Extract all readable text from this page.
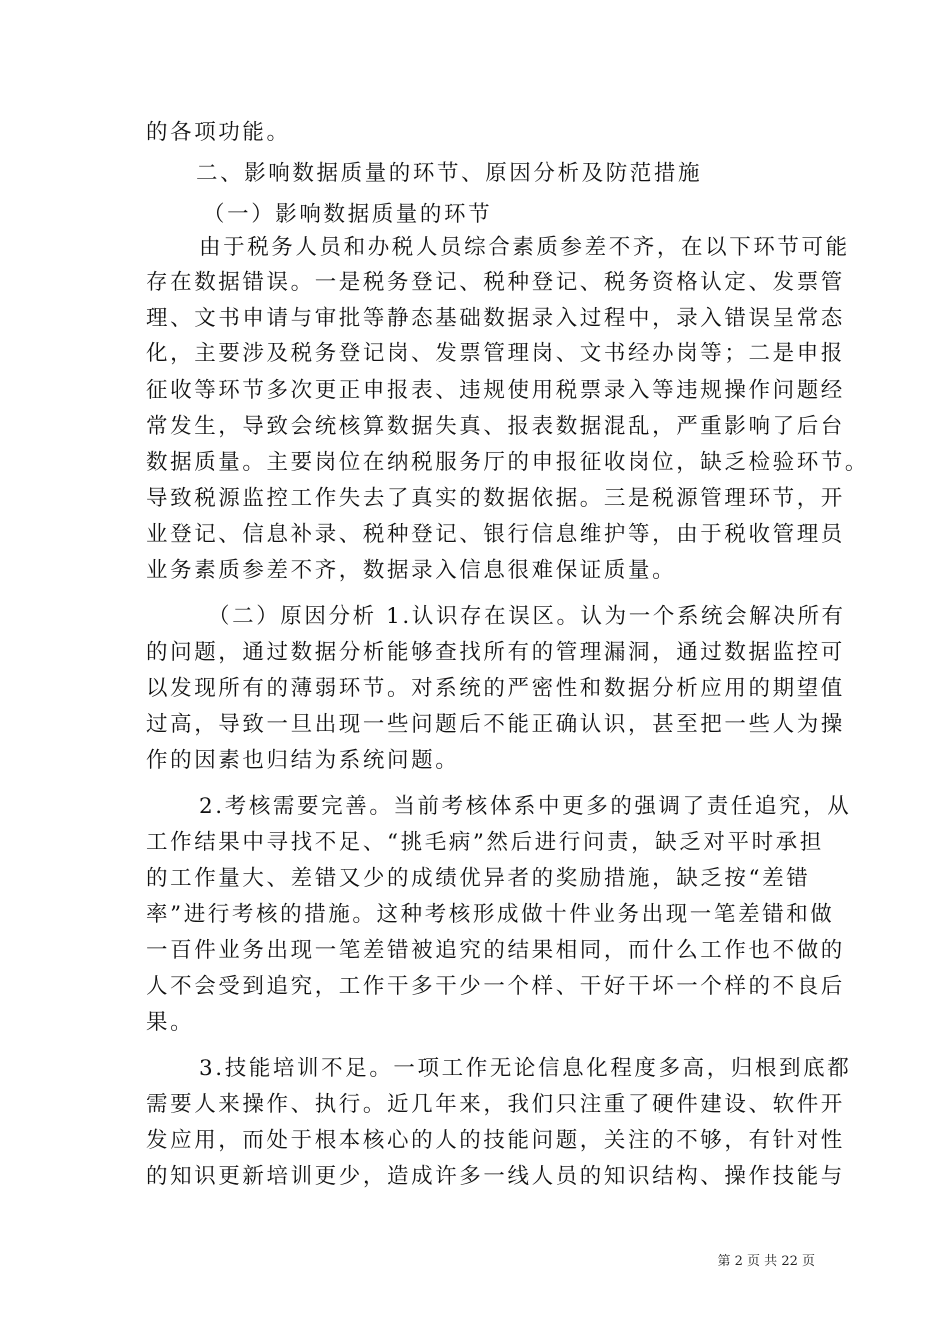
的各项功能。
二、影响数据质量的环节、原因分析及防范措施
（一）影响数据质量的环节
由于税务人员和办税人员综合素质参差不齐，在以下环节可能
存在数据错误。一是税务登记、税种登记、税务资格认定、发票管
理、文书申请与审批等静态基础数据录入过程中，录入错误呈常态
化，主要涉及税务登记岗、发票管理岗、文书经办岗等；二是申报
征收等环节多次更正申报表、违规使用税票录入等违规操作问题经
常发生，导致会统核算数据失真、报表数据混乱，严重影响了后台
数据质量。主要岗位在纳税服务厅的申报征收岗位，缺乏检验环节。
导致税源监控工作失去了真实的数据依据。三是税源管理环节，开
业登记、信息补录、税种登记、银行信息维护等，由于税收管理员
业务素质参差不齐，数据录入信息很难保证质量。
（二）原因分析 1.认识存在误区。认为一个系统会解决所有
的问题，通过数据分析能够查找所有的管理漏洞，通过数据监控可
以发现所有的薄弱环节。对系统的严密性和数据分析应用的期望值
过高，导致一旦出现一些问题后不能正确认识，甚至把一些人为操
作的因素也归结为系统问题。
2.考核需要完善。当前考核体系中更多的强调了责任追究，从
工作结果中寻找不足、“挑毛病”然后进行问责，缺乏对平时承担
的工作量大、差错又少的成绩优异者的奖励措施，缺乏按“差错
率”进行考核的措施。这种考核形成做十件业务出现一笔差错和做
一百件业务出现一笔差错被追究的结果相同，而什么工作也不做的
人不会受到追究，工作干多干少一个样、干好干坏一个样的不良后
果。
3.技能培训不足。一项工作无论信息化程度多高，归根到底都
需要人来操作、执行。近几年来，我们只注重了硬件建设、软件开
发应用，而处于根本核心的人的技能问题，关注的不够，有针对性
的知识更新培训更少，造成许多一线人员的知识结构、操作技能与
第 2 页 共 22 页
